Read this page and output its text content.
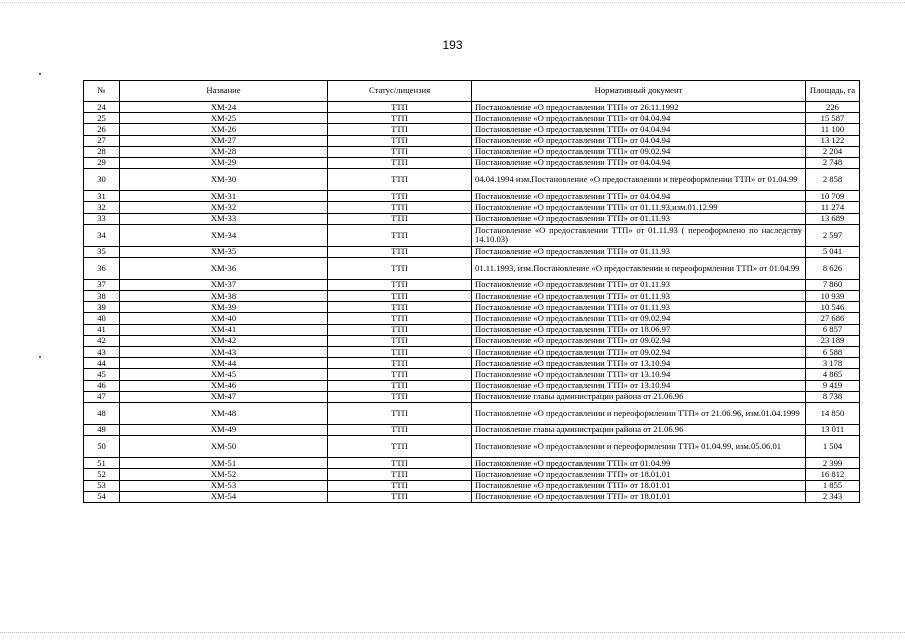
193
№	Название	Статус/лицензия	Нормативный документ	Площадь, га
24	ХМ-24	ТТП	Постановление «О предоставлении ТТП» от 26.11.1992	226
25	ХМ-25	ТТП	Постановление «О предоставлении ТТП» от 04.04.94	15 587
26	ХМ-26	ТТП	Постановление «О предоставлении ТТП» от 04.04.94	11 100
27	ХМ-27	ТТП	Постановление «О предоставлении ТТП» от 04.04.94	13 122
28	ХМ-28	ТТП	Постановление «О предоставлении ТТП» от 09.02.94	2 204
29	ХМ-29	ТТП	Постановление «О предоставлении ТТП» от 04.04.94	2 748
30	ХМ-30	ТТП	04.04.1994 изм.Постановление «О предоставлении и переоформлении ТТП» от 01.04.99	2 858
31	ХМ-31	ТТП	Постановление «О предоставлении ТТП» от 04.04.94	10 709
32	ХМ-32	ТТП	Постановление «О предоставлении ТТП» от 01.11.93,изм.01.12.99	11 274
33	ХМ-33	ТТП	Постановление «О предоставлении ТТП» от 01.11.93	13 689
34	ХМ-34	ТТП	Постановление «О предоставлении ТТП» от 01.11.93 ( переоформлено по наследству 14.10.03)	2 597
35	ХМ-35	ТТП	Постановление «О предоставлении ТТП» от 01.11.93	5 041
36	ХМ-36	ТТП	01.11.1993, изм.Постановление «О предоставлении и переоформлении ТТП» от 01.04.99	8 626
37	ХМ-37	ТТП	Постановление «О предоставлении ТТП» от 01.11.93	7 860
38	ХМ-38	ТТП	Постановление «О предоставлении ТТП» от 01.11.93	10 939
39	ХМ-39	ТТП	Постановление «О предоставлении ТТП» от 01.11.93	10 546
40	ХМ-40	ТТП	Постановление «О предоставлении ТТП» от 09.02.94	27 686
41	ХМ-41	ТТП	Постановление «О предоставлении ТТП» от 18.06.97	6 857
42	ХМ-42	ТТП	Постановление «О предоставлении ТТП» от 09.02.94	23 189
43	ХМ-43	ТТП	Постановление «О предоставлении ТТП» от 09.02.94	6 588
44	ХМ-44	ТТП	Постановление «О предоставлении ТТП» от 13.10.94	3 178
45	ХМ-45	ТТП	Постановление «О предоставлении ТТП» от 13.10.94	4 865
46	ХМ-46	ТТП	Постановление «О предоставлении ТТП» от 13.10.94	9 419
47	ХМ-47	ТТП	Постановление главы администрации района от 21.06.96	8 738
48	ХМ-48	ТТП	Постановление «О предоставлении и переоформлении ТТП» от 21.06.96, изм.01.04.1999	14 850
49	ХМ-49	ТТП	Постановление главы администрации района от 21.06.96	13 011
50	ХМ-50	ТТП	Постановление «О предоставлении и переоформлении ТТП» 01.04.99, изм.05.06.01	1 504
51	ХМ-51	ТТП	Постановление «О предоставлении ТТП» от 01.04.99	2 399
52	ХМ-52	ТТП	Постановление «О предоставлении ТТП» от 18.01.01	16 812
53	ХМ-53	ТТП	Постановление «О предоставлении ТТП» от 18.01.01	1 855
54	ХМ-54	ТТП	Постановление «О предоставлении ТТП» от 18.01.01	2 343
